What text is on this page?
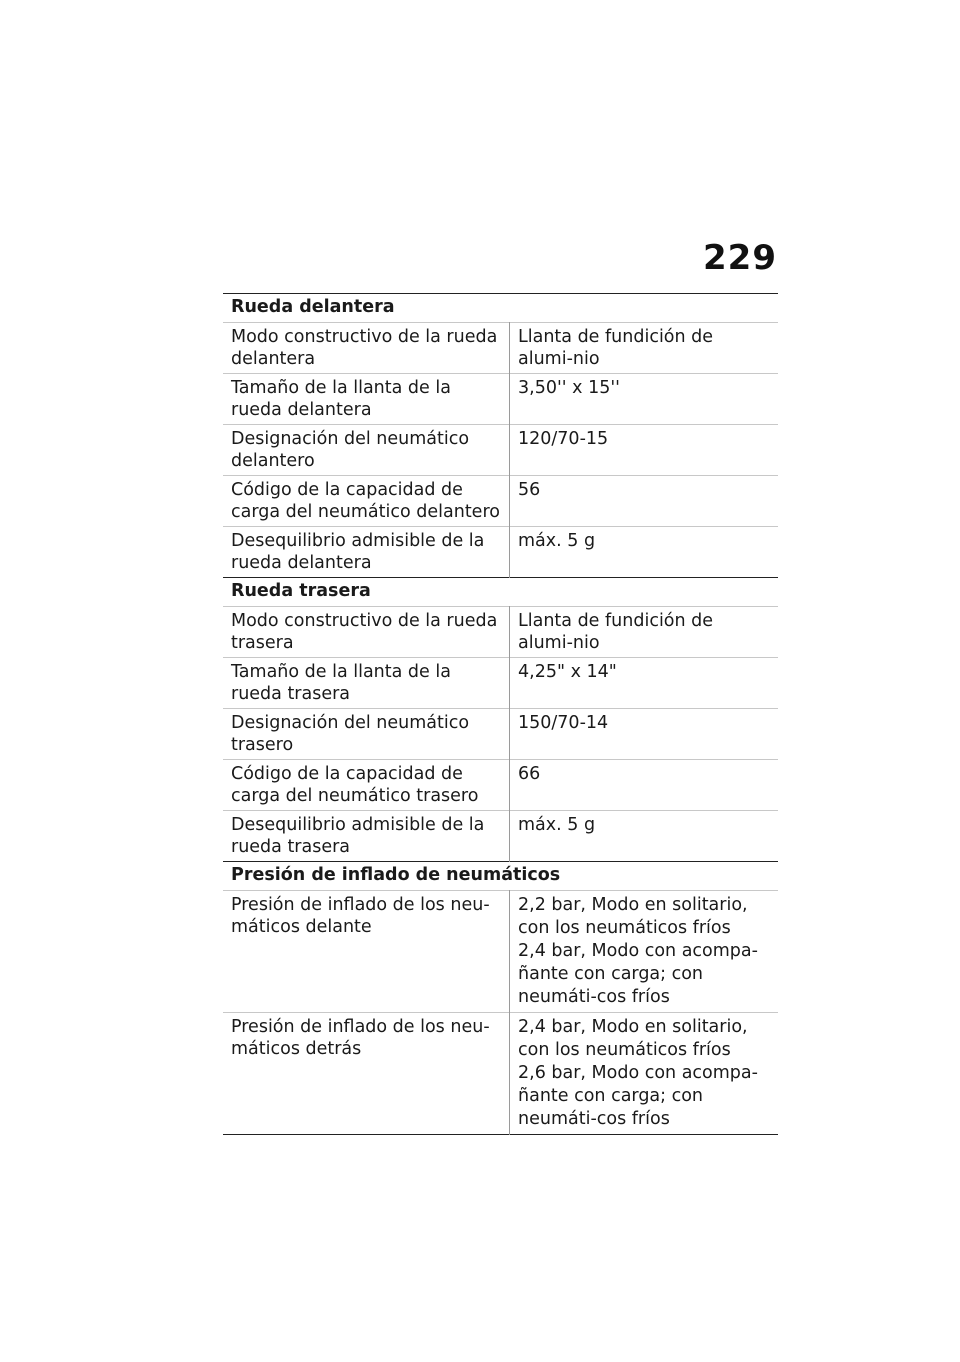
229
Rueda delantera	
Modo constructivo de la rueda delantera	Llanta de fundición de alumi-nio

Tamaño de la llanta de la rueda delantera	3,50'' x 15''

Designación del neumático delantero	120/70-15

Código de la capacidad de carga del neumático delantero	56

Desequilibrio admisible de la rueda delantera	máx. 5 g

Rueda trasera	
Modo constructivo de la rueda trasera	Llanta de fundición de alumi-nio

Tamaño de la llanta de la rueda trasera	4,25" x 14"

Designación del neumático trasero	150/70-14

Código de la capacidad de carga del neumático trasero	66

Desequilibrio admisible de la rueda trasera	máx. 5 g

Presión de inflado de neumáticos	
Presión de inflado de los neu-máticos delante	2,2 bar, Modo en solitario, con los neumáticos fríos
2,4 bar, Modo con acompa-ñante con carga; con neumáti-cos fríos

Presión de inflado de los neu-máticos detrás	2,4 bar, Modo en solitario, con los neumáticos fríos
2,6 bar, Modo con acompa-ñante con carga; con neumáti-cos fríos
